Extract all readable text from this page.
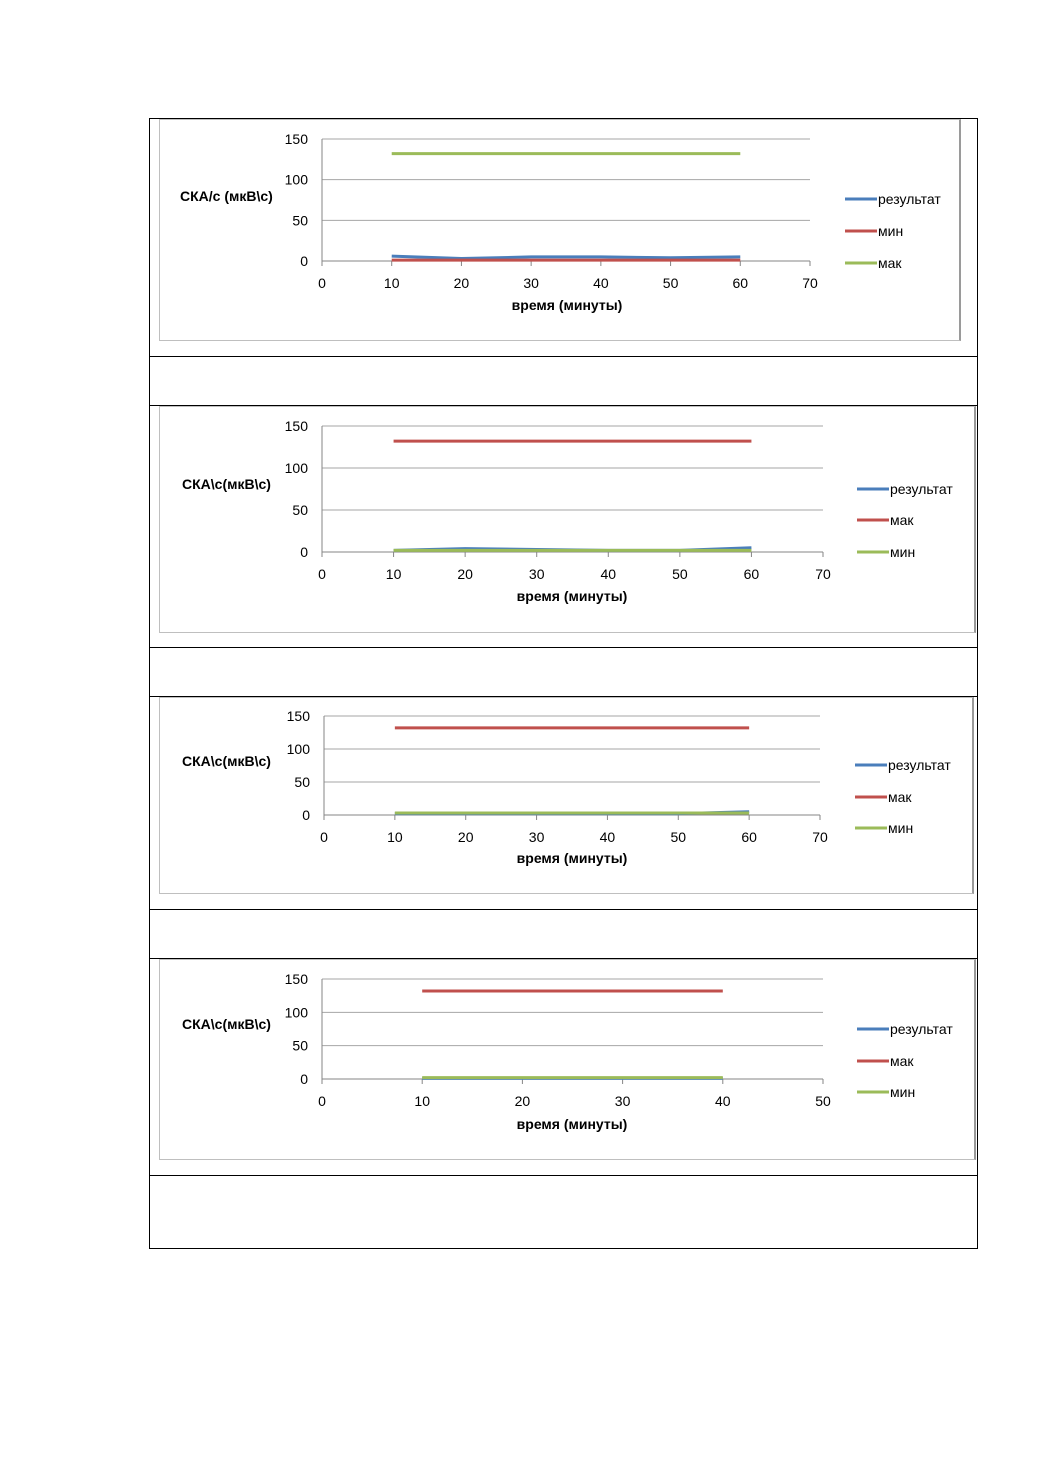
0
50
100
150
0	10	20	30	40	50	60	70
СКА/с (мкВ\с)
время (минуты)
результат
мин
мак
0
50
100
150
0	10	20	30	40	50	60	70
СКА\с(мкВ\с)
время (минуты)
результат
мак
мин
0
50
100
150
0	10	20	30	40	50	60	70
СКА\с(мкВ\с)
время (минуты)
результат
мак
мин
0
50
100
150
0	10	20	30	40	50
СКА\с(мкВ\с)
время (минуты)
результат
мак
мин
